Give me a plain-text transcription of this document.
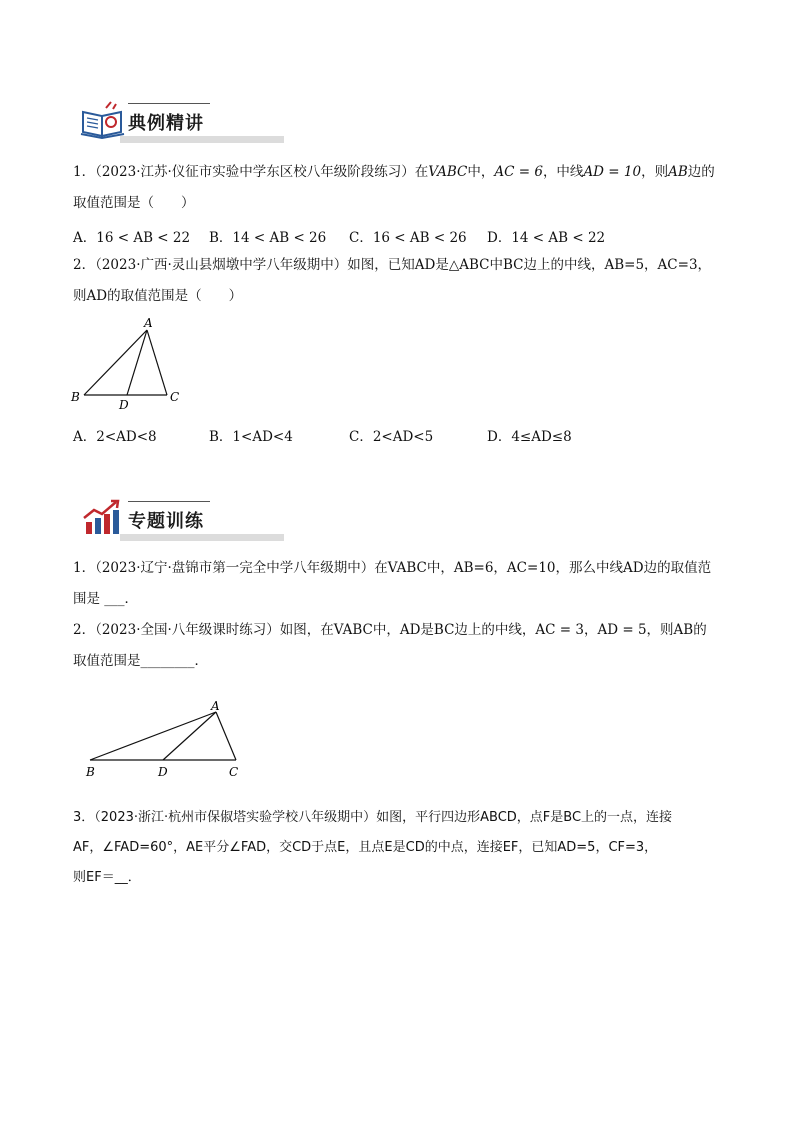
典例精讲
1．（2023·江苏·仪征市实验中学东区校八年级阶段练习）在VABC中，AC = 6，中线AD = 10，则AB边的
取值范围是（　　）
A．16 < AB < 22 B．14 < AB < 26 C．16 < AB < 26 D．14 < AB < 22
2．（2023·广西·灵山县烟墩中学八年级期中）如图，已知AD是△ABC中BC边上的中线，AB=5，AC=3，
则AD的取值范围是（　　）
A
B	C
D
A．2<AD<8	B．1<AD<4	C．2<AD<5	D．4≤AD≤8
专题训练
1．（2023·辽宁·盘锦市第一完全中学八年级期中）在VABC中，AB=6，AC=10，那么中线AD边的取值范
围是 ___．
2．（2023·全国·八年级课时练习）如图，在VABC中，AD是BC边上的中线，AC = 3，AD = 5，则AB的
取值范围是________．
A
B	C
D
3．（2023·浙江·杭州市保俶塔实验学校八年级期中）如图，平行四边形ABCD，点F是BC上的一点，连接
AF，∠FAD=60°，AE平分∠FAD，交CD于点E，且点E是CD的中点，连接EF，已知AD=5，CF=3，
则EF＝__．
